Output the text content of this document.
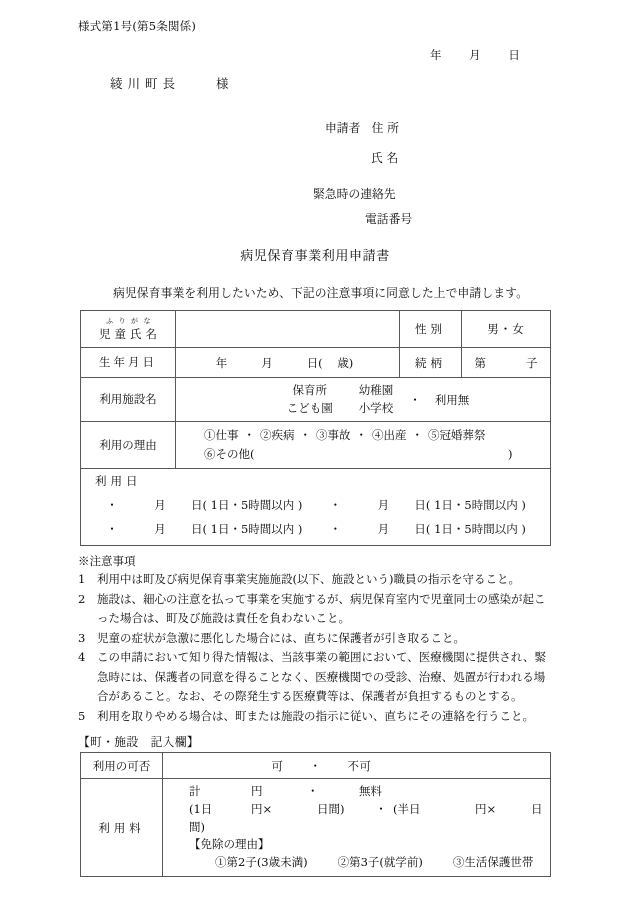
様式第1号(第5条関係)
年 月 日
綾川町長	様
申請者 住 所
氏 名
緊急時の連絡先
電話番号
病児保育事業利用申請書
病児保育事業を利用したいため、下記の注意事項に同意した上で申請します。
ふりがな
児童氏名		性別	男・女
生年月日	年 月 日( 歳)	続柄	第 子
利用施設名	保育所 幼稚園
こども園 小学校
・ 利用無		

利用の理由	①仕事 ・ ②疾病 ・ ③事故 ・ ④出産 ・ ⑤冠婚葬祭
⑥その他( )		

利用日
・ 月 日( 1日・5時間以内 ) ・ 月 日( 1日・5時間以内 )
・ 月 日( 1日・5時間以内 ) ・ 月 日( 1日・5時間以内 )			
※注意事項
1	利用中は町及び病児保育事業実施施設(以下、施設という)職員の指示を守ること。
2	施設は、細心の注意を払って事業を実施するが、病児保育室内で児童同士の感染が起こった場合は、町及び施設は責任を負わないこと。
3	児童の症状が急激に悪化した場合には、直ちに保護者が引き取ること。
4	この申請において知り得た情報は、当該事業の範囲において、医療機関に提供され、緊急時には、保護者の同意を得ることなく、医療機関での受診、治療、処置が行われる場合があること。なお、その際発生する医療費等は、保護者が負担するものとする。
5	利用を取りやめる場合は、町または施設の指示に従い、直ちにその連絡を行うこと。
【町・施設　記入欄】
利用の可否	可 ・ 不可

利用料	計 円 ・ 無料
(1日 円× 日間) ・ (半日 円× 日間)
【免除の理由】
①第2子(3歳未満) ②第3子(就学前) ③生活保護世帯
